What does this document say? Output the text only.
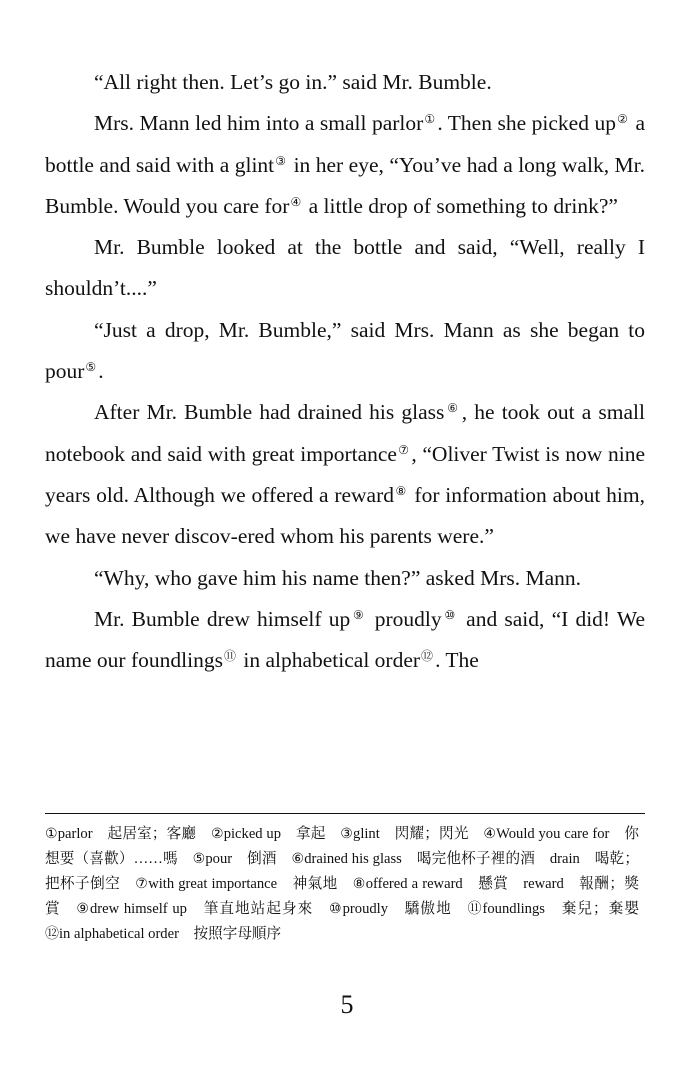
“All right then. Let’s go in.” said Mr. Bumble.

Mrs. Mann led him into a small parlor①. Then she picked up② a bottle and said with a glint③ in her eye, “You’ve had a long walk, Mr. Bumble. Would you care for④ a little drop of something to drink?”

Mr. Bumble looked at the bottle and said, “Well, really I shouldn’t....”

“Just a drop, Mr. Bumble,” said Mrs. Mann as she began to pour⑤.

After Mr. Bumble had drained his glass⑥, he took out a small notebook and said with great importance⑦, “Oliver Twist is now nine years old. Although we offered a reward⑧ for information about him, we have never discov-ered whom his parents were.”

“Why, who gave him his name then?” asked Mrs. Mann.

Mr. Bumble drew himself up⑨ proudly⑩ and said, “I did! We name our foundlings⑪ in alphabetical order⑫. The

①parlor　 起居室；客廳　 ②picked up　 拿起　 ③glint　 閃耀；閃光　 ④Would you care for　 你想要（喜歡）……嗎　 ⑤pour　 倒酒　 ⑥drained his glass　 喝完他杯子裡的酒　drain　喝乾；把杯子倒空　 ⑦with great importance　 神氣地　 ⑧offered a reward　 懸賞　reward　報酬；獎賞　 ⑨drew himself up　 筆直地站起身來　 ⑩proudly　 驕傲地　 ⑪foundlings　 棄兒；棄嬰　⑫in alphabetical order　 按照字母順序
5
